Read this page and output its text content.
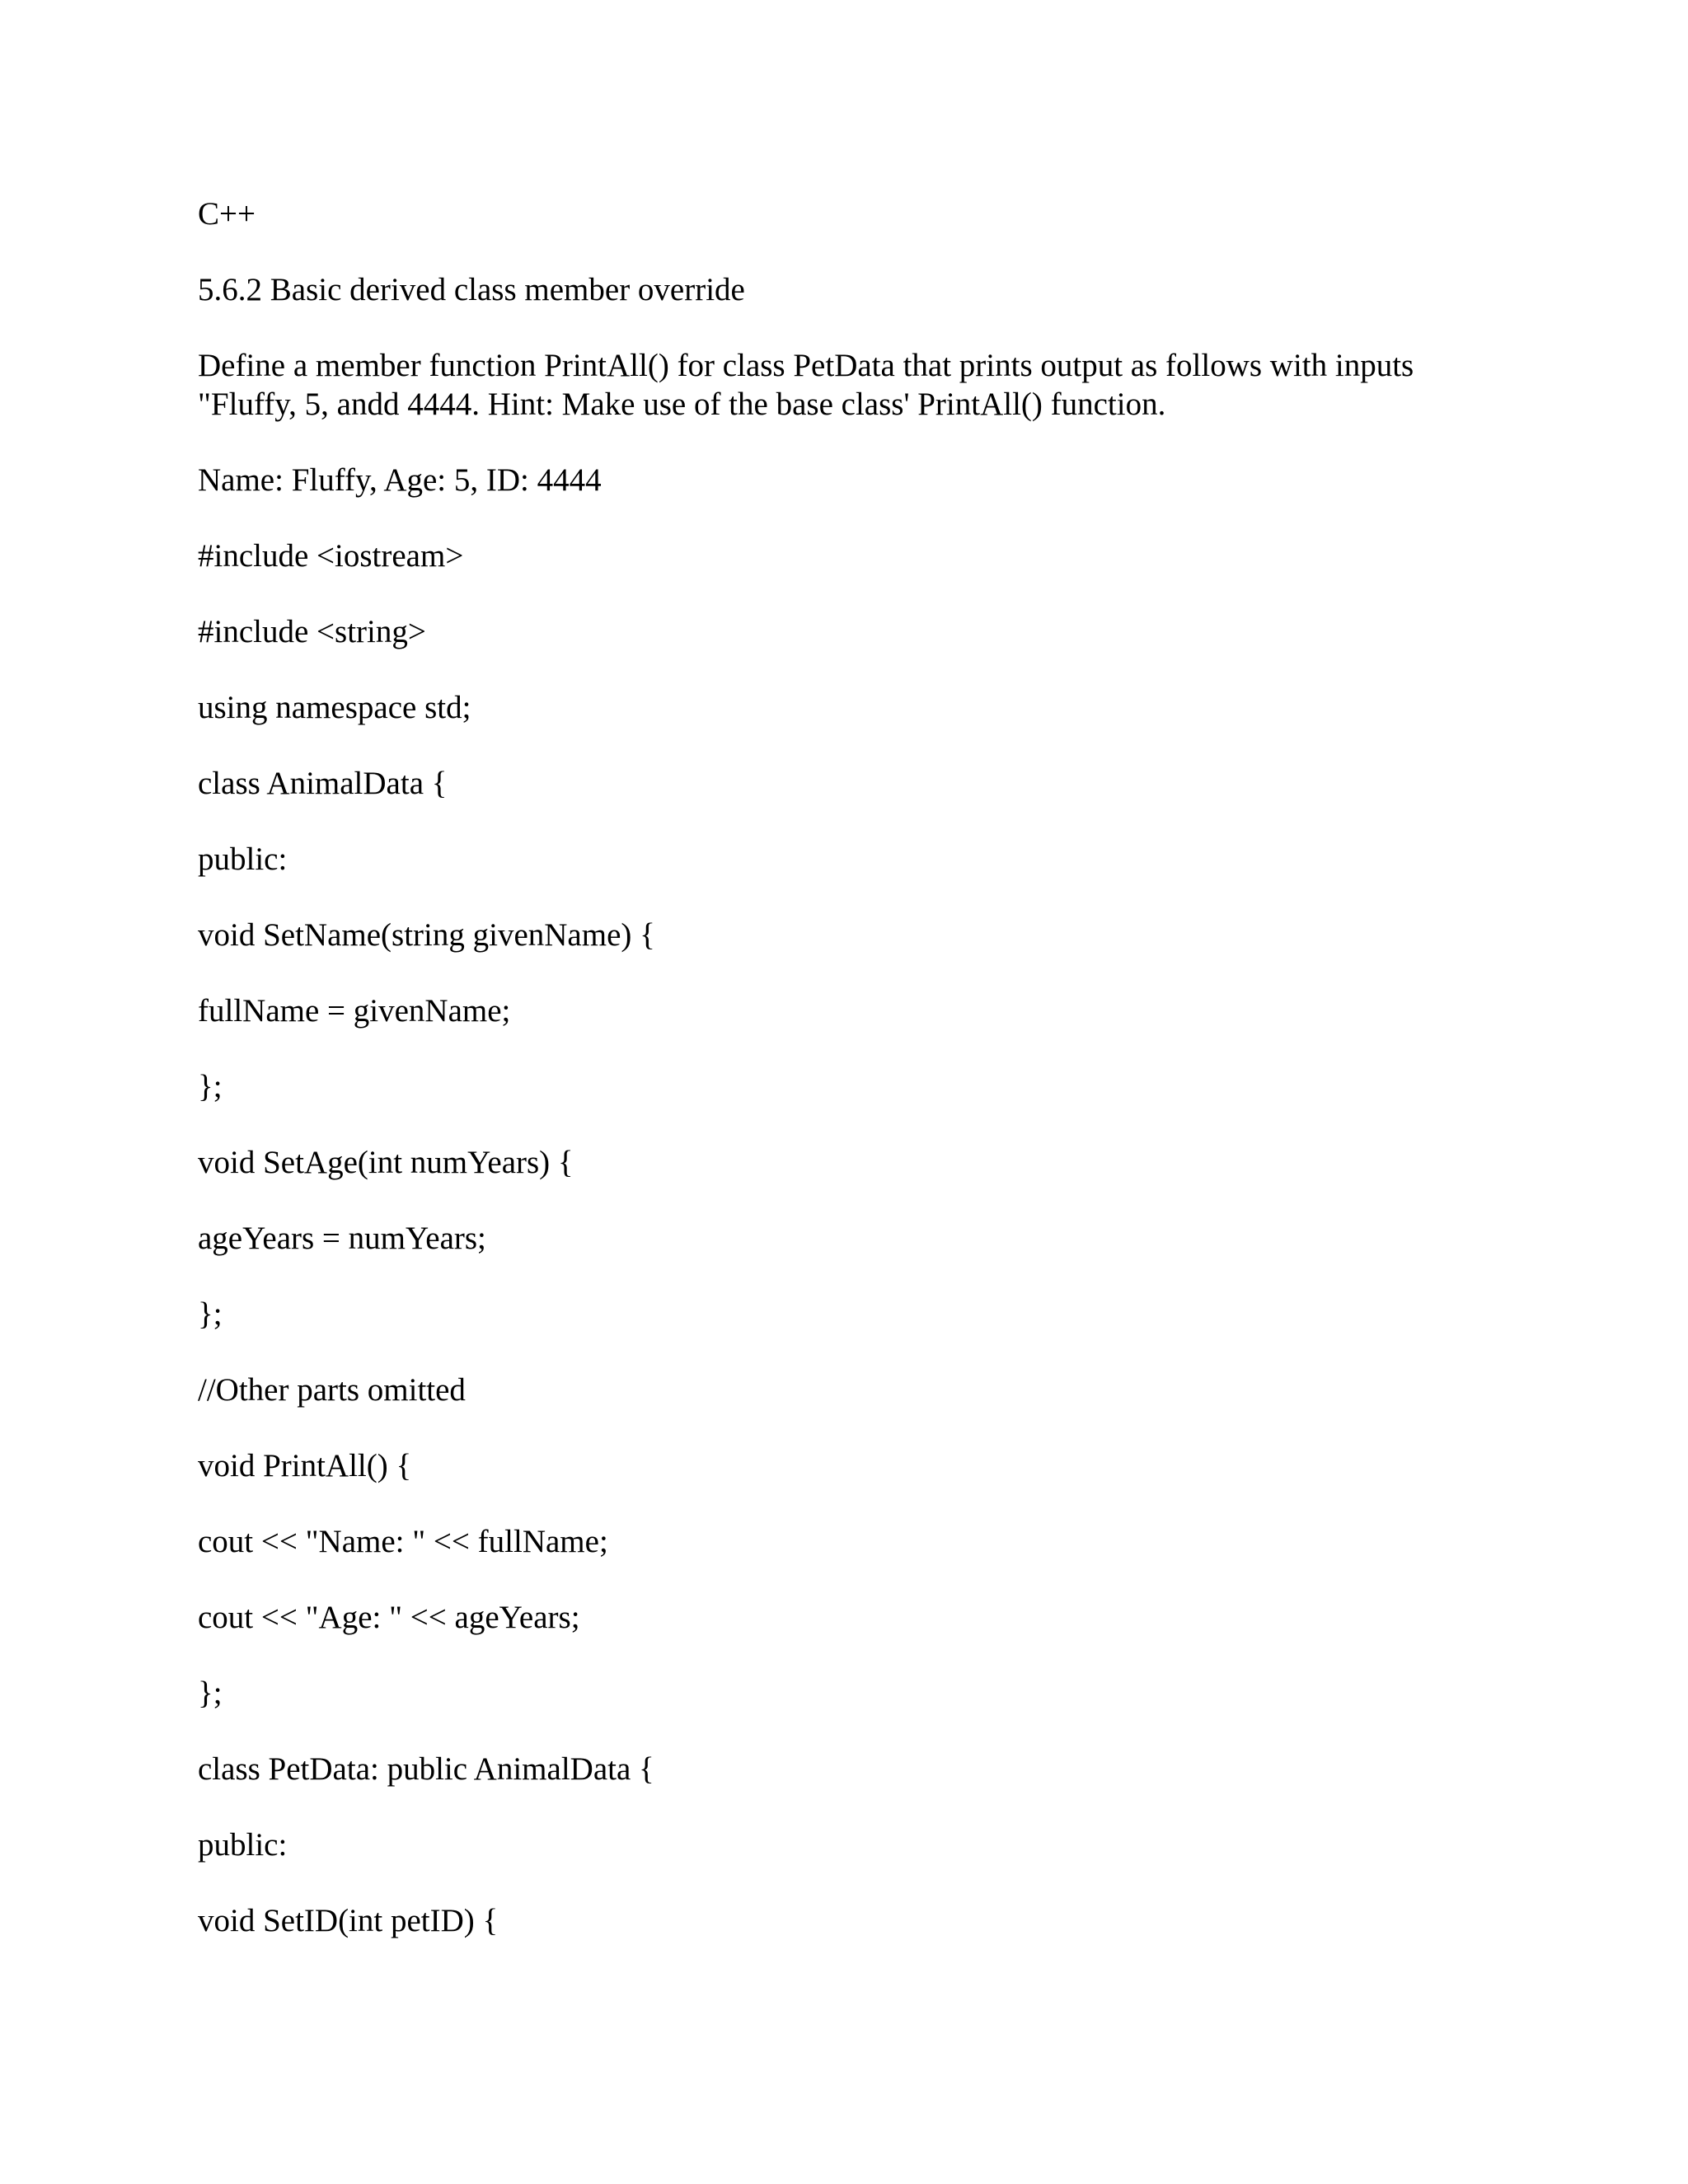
C++

5.6.2 Basic derived class member override

Define a member function PrintAll() for class PetData that prints output as follows with inputs
"Fluffy, 5, andd 4444. Hint: Make use of the base class' PrintAll() function.

Name: Fluffy, Age: 5, ID: 4444

#include <iostream>

#include <string>

using namespace std;

class AnimalData {

public:

void SetName(string givenName) {

fullName = givenName;

};

void SetAge(int numYears) {

ageYears = numYears;

};

//Other parts omitted

void PrintAll() {

cout << "Name: " << fullName;

cout << "Age: " << ageYears;

};

class PetData: public AnimalData {

public:

void SetID(int petID) {
